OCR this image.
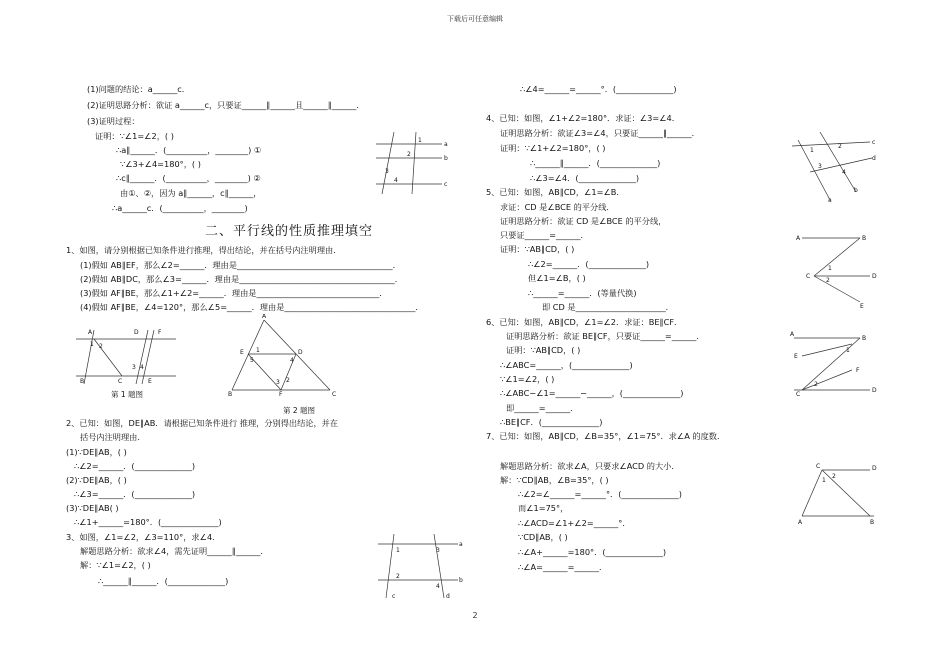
下载后可任意编辑
(1)问题的结论：a______c．
(2)证明思路分析：欲证 a______c，只要证______∥______且______∥______．
(3)证明过程：
证明：∵∠1=∠2，( )
∴a∥______．(__________，________) ①
∵∠3+∠4=180°，( )
∴c∥______．(__________，________) ②
由①、②，因为 a∥______，c∥______，
∴a______c．(__________，________)
二、平行线的性质推理填空
1、如图，请分别根据已知条件进行推理，得出结论，并在括号内注明理由．
(1)假如 AB∥EF，那么∠2=______．理由是______________________________________．
(2)假如 AB∥DC，那么∠3=______．理由是______________________________________．
(3)假如 AF∥BE，那么∠1+∠2=______．理由是______________________________．
(4)假如 AF∥BE，∠4=120°，那么∠5=______．理由是________________________________．
第 1 题图
第 2 题图
2、已知：如图，DE∥AB．请根据已知条件进行 推理，分别得出结论，并在
括号内注明理由．
(1)∵DE∥AB，( )
∴∠2=______．(______________)
(2)∵DE∥AB，( )
∴∠3=______．(______________)
(3)∵DE∥AB( )
∴∠1+______=180°．(______________)
3、如图，∠1=∠2，∠3=110°，求∠4．
解题思路分析：欲求∠4，需先证明______∥______．
解：∵∠1=∠2，( )
∴______∥______．(______________)
∴∠4=______=______°．(______________)
4、已知：如图，∠1+∠2=180°．求证：∠3=∠4．
证明思路分析：欲证∠3=∠4，只要证______∥______．
证明：∵∠1+∠2=180°，( )
∴______∥______．(______________)
∴∠3=∠4．(______________)
5、已知：如图，AB∥CD，∠1=∠B．
求证：CD 是∠BCE 的平分线．
证明思路分析：欲证 CD 是∠BCE 的平分线，
只要证______=______．
证明：∵AB∥CD，( )
∴∠2=______．(______________)
但∠1=∠B，( )
∴______=______．(等量代换)
即 CD 是______________________．
6、已知：如图，AB∥CD，∠1=∠2．求证：BE∥CF．
证明思路分析：欲证 BE∥CF，只要证______=______．
证明：∵AB∥CD，( )
∴∠ABC=______，(______________)
∵∠1=∠2，( )
∴∠ABC−∠1=______−______，(______________)
即______=______．
∴BE∥CF．(______________)
7、已知：如图，AB∥CD，∠B=35°，∠1=75°．求∠A 的度数．
解题思路分析：欲求∠A，只要求∠ACD 的大小．
解：∵CD∥AB，∠B=35°，( )
∴∠2=∠______=______°．(______________)
而∠1=75°，
∴∠ACD=∠1+∠2=______°．
∵CD∥AB，( )
∴∠A+______=180°．(______________)
∴∠A=______=______．
2
a
b
c
1
2
3
4
A	D	F
B	C	E
1 2
3 4
A
E	D
B	C
F
1
2
3
4
5
a
b
c	d
1
2
3
4
a
b
c
d
1
2
3
4
A	B
C	D
E
1
2
A
B
E
F
C
D
1
2
C	D
A	B
1
2
